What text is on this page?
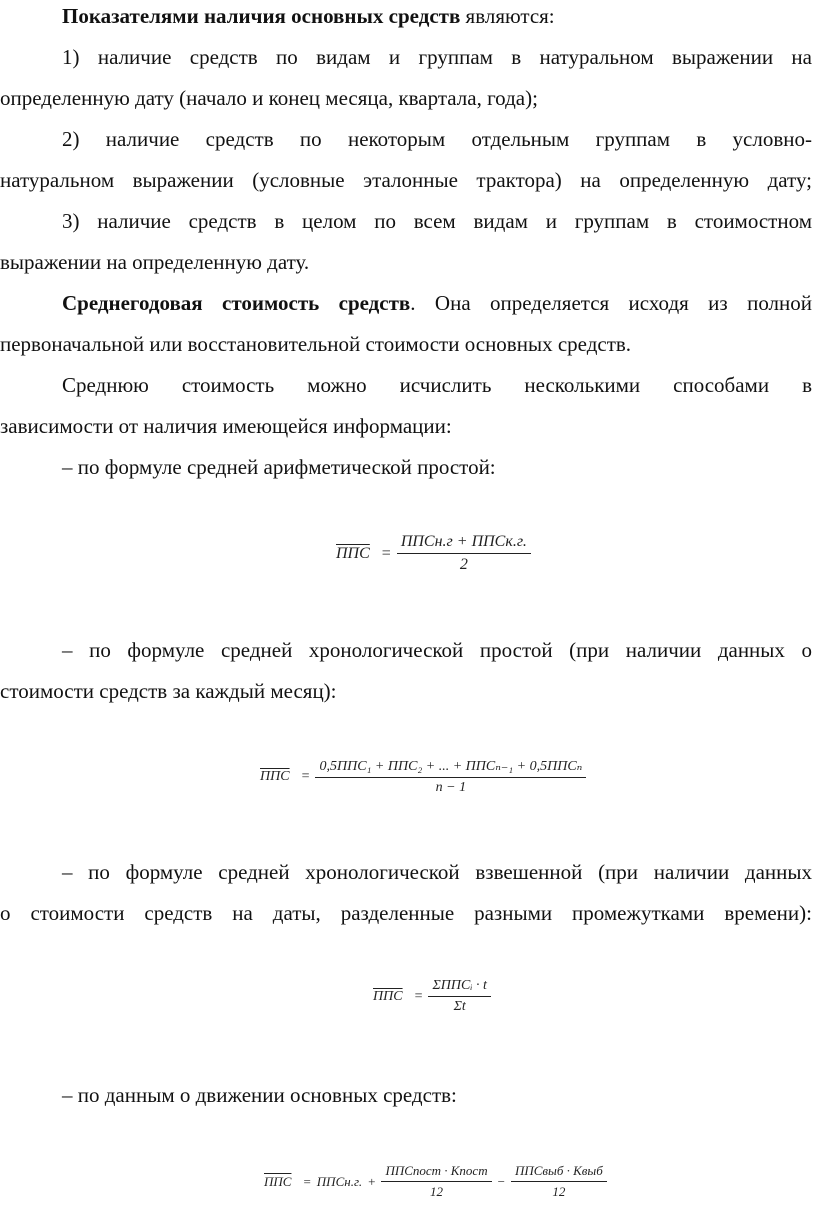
Показателями наличия основных средств являются:
1) наличие средств по видам и группам в натуральном выражении на
определенную дату (начало и конец месяца, квартала, года);
2) наличие средств по некоторым отдельным группам в условно-
натуральном выражении (условные эталонные трактора) на определенную дату;
3) наличие средств в целом по всем видам и группам в стоимостном
выражении на определенную дату.
Среднегодовая стоимость средств. Она определяется исходя из полной
первоначальной или восстановительной стоимости основных средств.
Среднюю стоимость можно исчислить несколькими способами в
зависимости от наличия имеющейся информации:
– по формуле средней арифметической простой:
ППС = $\frac{\text{ППСн.г + ППСк.г.}}{2}$
– по формуле средней хронологической простой (при наличии данных о
стоимости средств за каждый месяц):
ППС = $\frac{\text{0,5ППС₁ + ППС₂ + ... + ППСₙ₋₁ + 0,5ППСₙ}}{n - 1}$
– по формуле средней хронологической взвешенной (при наличии данных
о стоимости средств на даты, разделенные разными промежутками времени):
ППС = $\frac{\text{ΣППСᵢ · t}}{\Sigma t}$
– по данным о движении основных средств:
ППС = ППСн.г. + $\frac{\text{ППСпост · Кпост}}{12} - \frac{\text{ППСвыб · Квыб}}{12}$
